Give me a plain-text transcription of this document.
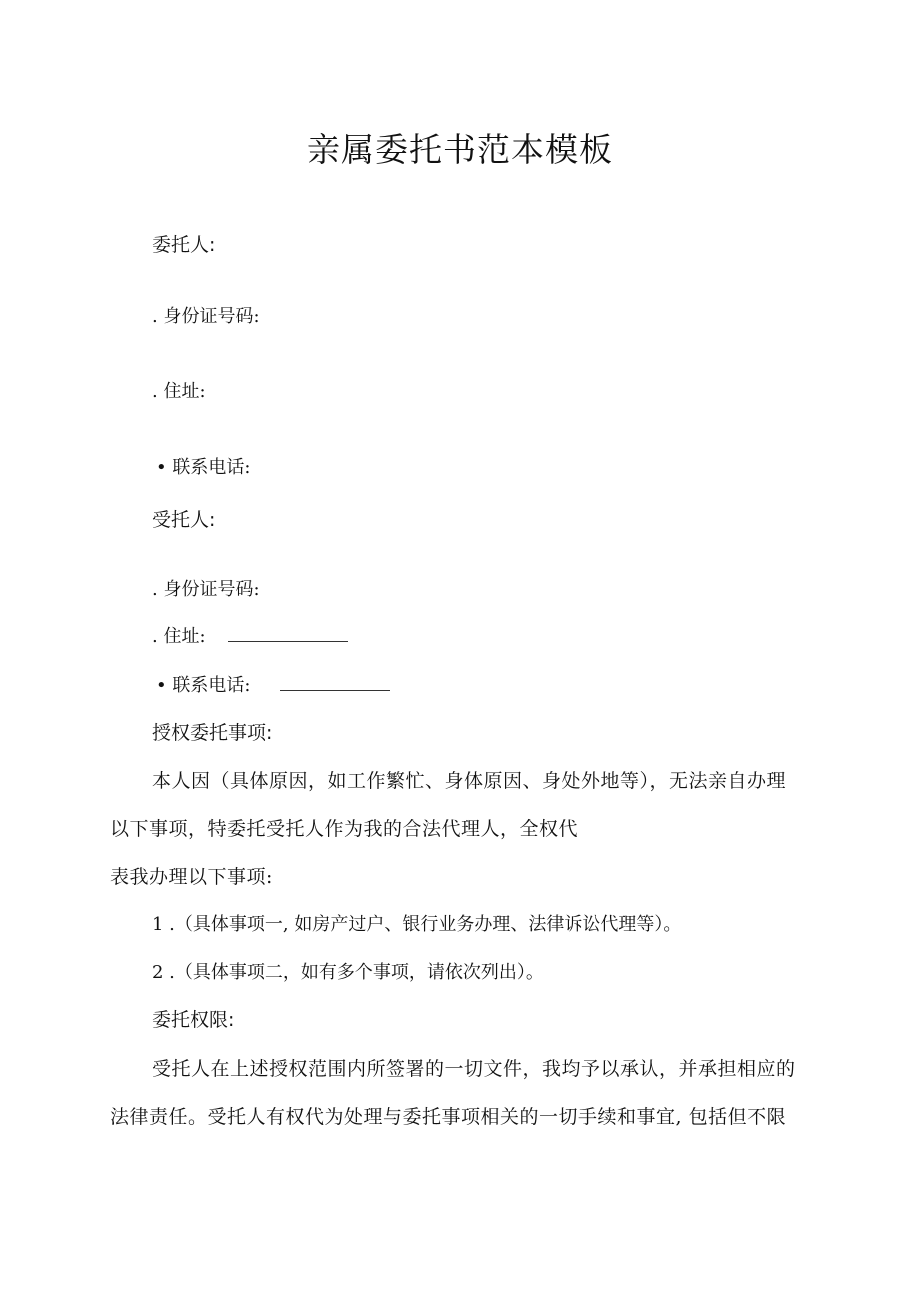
亲属委托书范本模板
委托人:
. 身份证号码:
. 住址:
• 联系电话:
受托人:
. 身份证号码:
. 住址:
• 联系电话:
授权委托事项:
本人因（具体原因，如工作繁忙、身体原因、身处外地等），无法亲自办理
以下事项，特委托受托人作为我的合法代理人，全权代
表我办理以下事项:
1 .（具体事项一, 如房产过户、银行业务办理、法律诉讼代理等）。
2 .（具体事项二，如有多个事项，请依次列出）。
委托权限:
受托人在上述授权范围内所签署的一切文件，我均予以承认，并承担相应的
法律责任。受托人有权代为处理与委托事项相关的一切手续和事宜, 包括但不限
